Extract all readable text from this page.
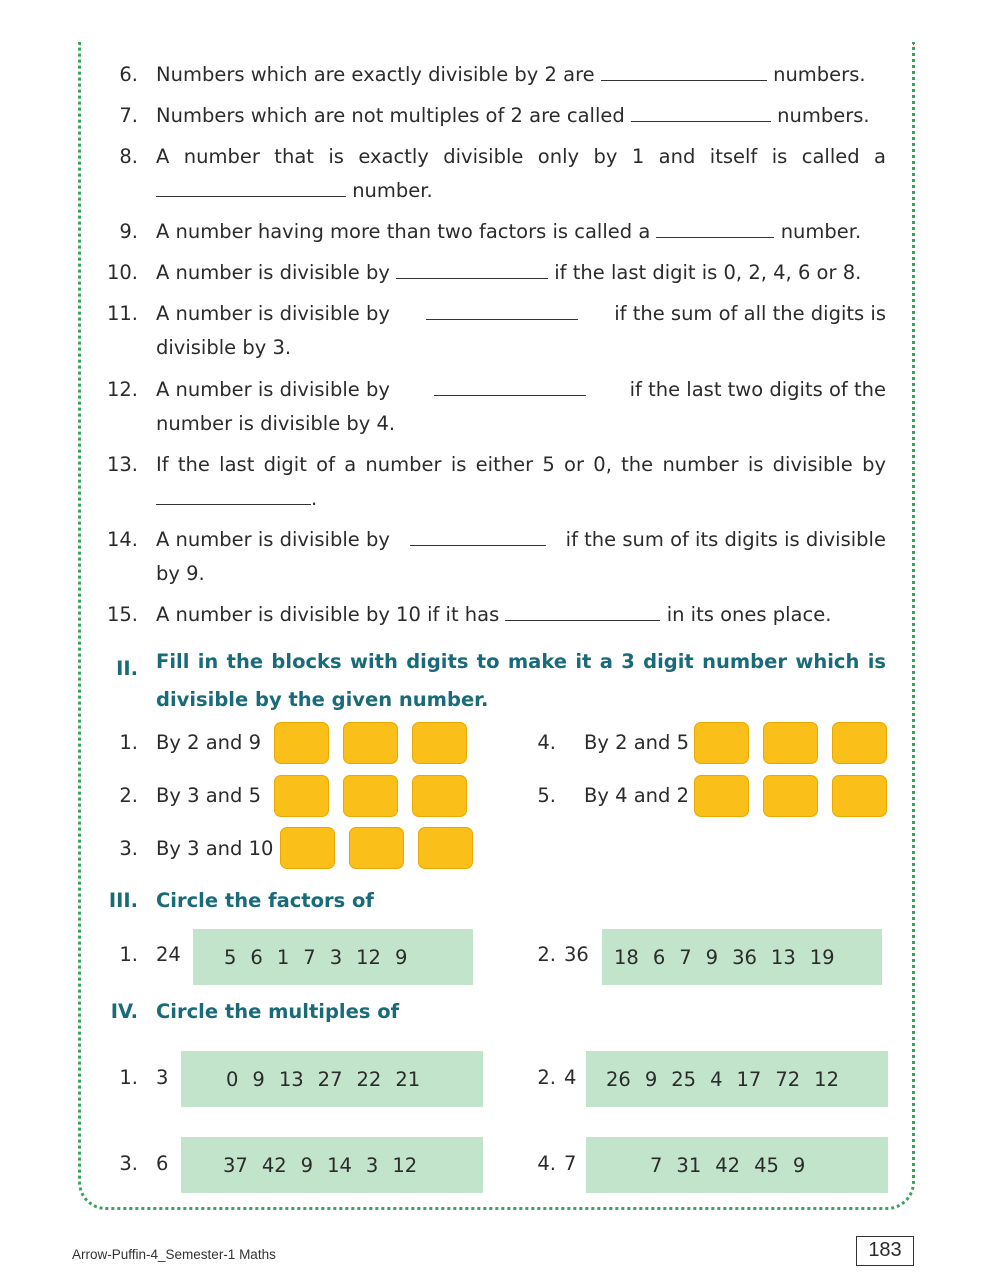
6. Numbers which are exactly divisible by 2 are	numbers.
7. Numbers which are not multiples of 2 are called	numbers.
8. A number that is exactly divisible only by 1 and itself is called a
number.
9. A number having more than two factors is called a	number.
10. A number is divisible by	if the last digit is 0, 2, 4, 6 or 8.
11. A number is divisible by	if the sum of all the digits is
divisible by 3.
12. A number is divisible by	if the last two digits of the
number is divisible by 4.
13. If the last digit of a number is either 5 or 0, the number is divisible by
.
14. A number is divisible by	if the sum of its digits is divisible
by 9.
15. A number is divisible by 10 if it has	in its ones place.
II. Fill in the blocks with digits to make it a 3 digit number which is
divisible by the given number.
1. By 2 and 9
2. By 3 and 5
3. By 3 and 10
4. By 2 and 5
5. By 4 and 2
III. Circle the factors of
1. 24	5 6 1 7 3 12 9	2. 36	18 6 7 9 36 13 19
IV. Circle the multiples of
1. 3	0 9 13 27 22 21	2. 4	26 9 25 4 17 72 12
3. 6	37 42 9 14 3 12	4. 7	7 31 42 45 9
Arrow-Puffin-4_Semester-1 Maths	183
